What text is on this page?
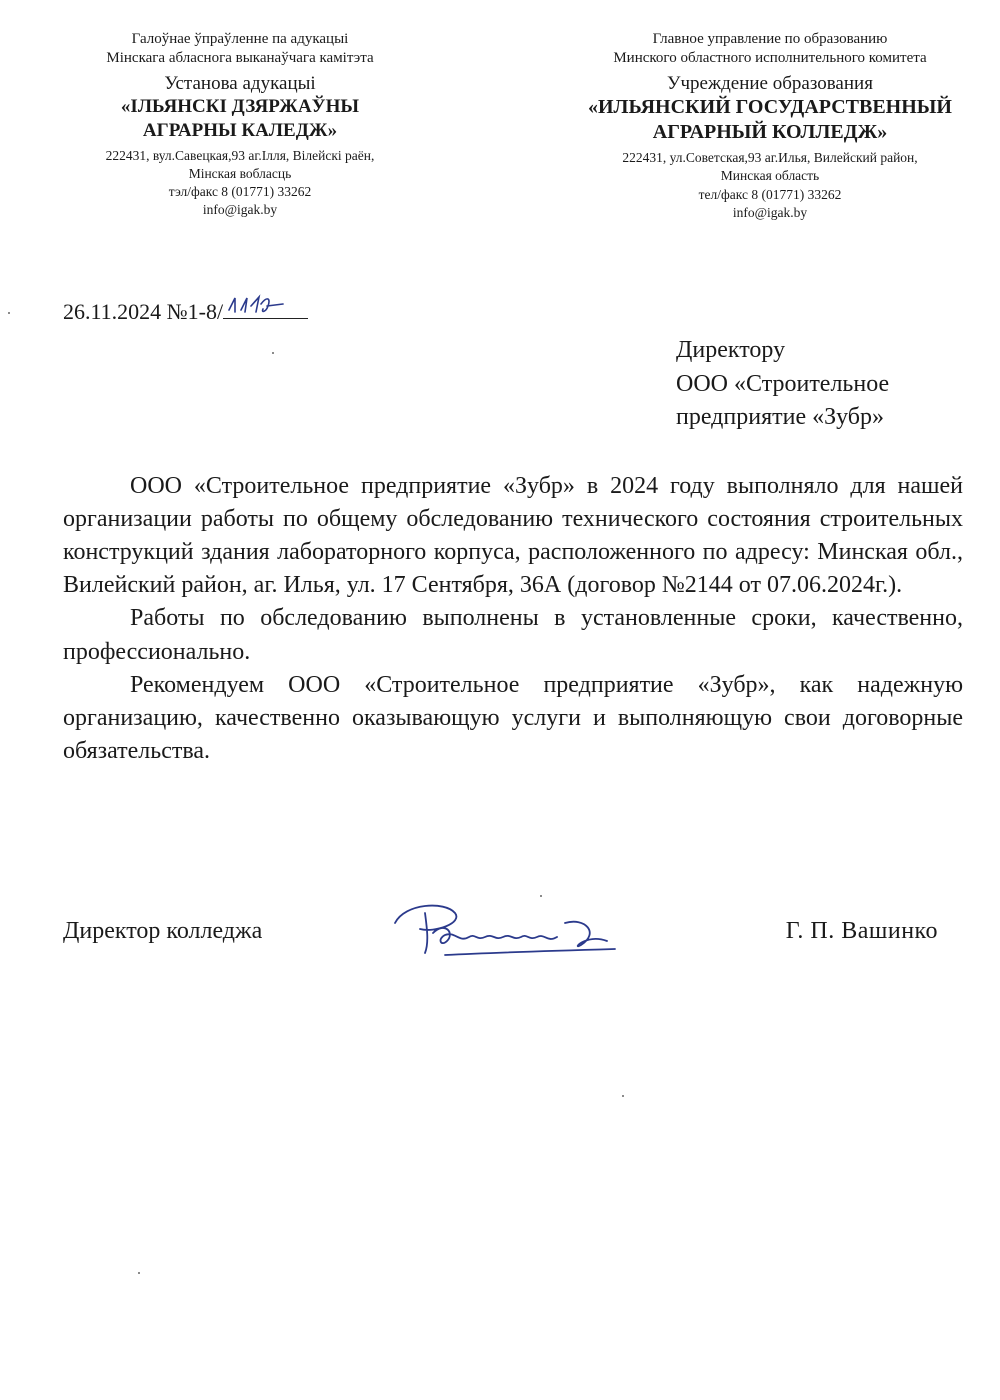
Галоўнае ўпраўленне па адукацыі
Мінскага абласнога выканаўчага камітэта
Установа адукацыі
«ІЛЬЯНСКІ ДЗЯРЖАЎНЫ
АГРАРНЫ КАЛЕДЖ»
222431, вул.Савецкая,93 аг.Ілля, Вілейскі раён,
Мінская вобласць
тэл/факс 8 (01771) 33262
info@igak.by
Главное управление по образованию
Минского областного исполнительного комитета
Учреждение образования
«ИЛЬЯНСКИЙ ГОСУДАРСТВЕННЫЙ
АГРАРНЫЙ КОЛЛЕДЖ»
222431, ул.Советская,93 аг.Илья, Вилейский район,
Минская область
тел/факс 8 (01771) 33262
info@igak.by
26.11.2024 №1-8/
Директору
ООО «Строительное
предприятие «Зубр»

ООО «Строительное предприятие «Зубр» в 2024 году выполняло для нашей организации работы по общему обследованию технического состояния строительных конструкций здания лабораторного корпуса, расположенного по адресу: Минская обл., Вилейский район, аг. Илья, ул. 17 Сентября, 36А (договор №2144 от 07.06.2024г.).

Работы по обследованию выполнены в установленные сроки, качественно, профессионально.

Рекомендуем ООО «Строительное предприятие «Зубр», как надежную организацию, качественно оказывающую услуги и выполняющую свои договорные обязательства.

Директор колледжа	Г. П. Вашинко
